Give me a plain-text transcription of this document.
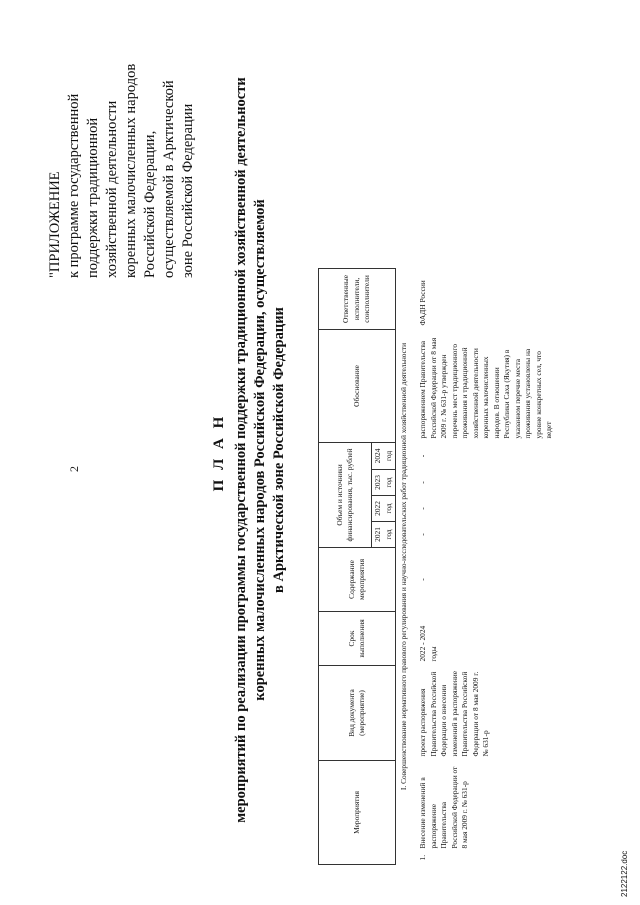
2
"ПРИЛОЖЕНИЕ к программе государственной поддержки традиционной хозяйственной деятельности коренных малочисленных народов Российской Федерации, осуществляемой в Арктической зоне Российской Федерации
П Л А Н мероприятий по реализации программы государственной поддержки традиционной хозяйственной деятельности коренных малочисленных народов Российской Федерации, осуществляемой в Арктической зоне Российской Федерации
Мероприятия		Вид документа (мероприятие)	Срок выполнения	Содержание мероприятия	Объем и источники финансирования, тыс. рублей				Обоснование	Ответственные исполнители, соисполнители	
					2021 год	2022 год	2023 год	2024 год			
I. Совершенствование нормативного правового регулирования и научно-исследовательских работ традиционной хозяйственной деятельности											
1.	Внесение изменений в распоряжение Правительства Российской Федерации от 8 мая 2009 г. № 631-р	проект распоряжения Правительства Российской Федерации о внесении изменений в распоряжение Правительства Российской Федерации от 8 мая 2009 г. № 631-р	2022 - 2024 годы	-	-	-	-	-	распоряжением Правительства Российской Федерации от 8 мая 2009 г. № 631-р утвержден перечень мест традиционного проживания и традиционной хозяйственной деятельности коренных малочисленных народов. В отношении Республики Саха (Якутия) в указанном перечне места проживания установлены на уровне конкретных сел, что ведет	ФАДН России	
2122122.doc
